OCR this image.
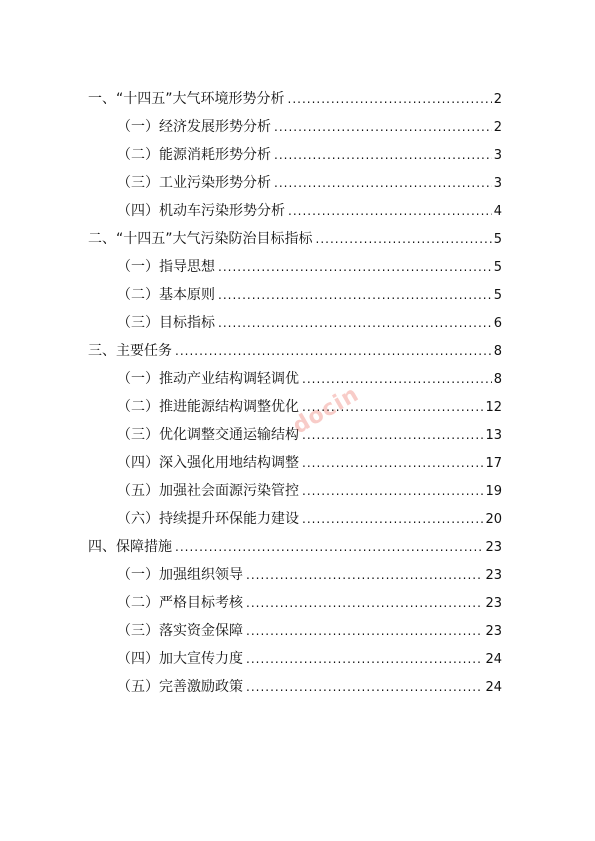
一、“十四五”大气环境形势分析 .....	2
（一）经济发展形势分析 .....	2
（二）能源消耗形势分析 .....	3
（三）工业污染形势分析 .....	3
（四）机动车污染形势分析 .....	4
二、“十四五”大气污染防治目标指标 .....	5
（一）指导思想 .....	5
（二）基本原则 .....	5
（三）目标指标 .....	6
三、主要任务 .....	8
（一）推动产业结构调轻调优 .....	8
（二）推进能源结构调整优化 .....	12
（三）优化调整交通运输结构 .....	13
（四）深入强化用地结构调整 .....	17
（五）加强社会面源污染管控 .....	19
（六）持续提升环保能力建设 .....	20
四、保障措施 .....	23
（一）加强组织领导 .....	23
（二）严格目标考核 .....	23
（三）落实资金保障 .....	23
（四）加大宣传力度 .....	24
（五）完善激励政策 .....	24
docin
